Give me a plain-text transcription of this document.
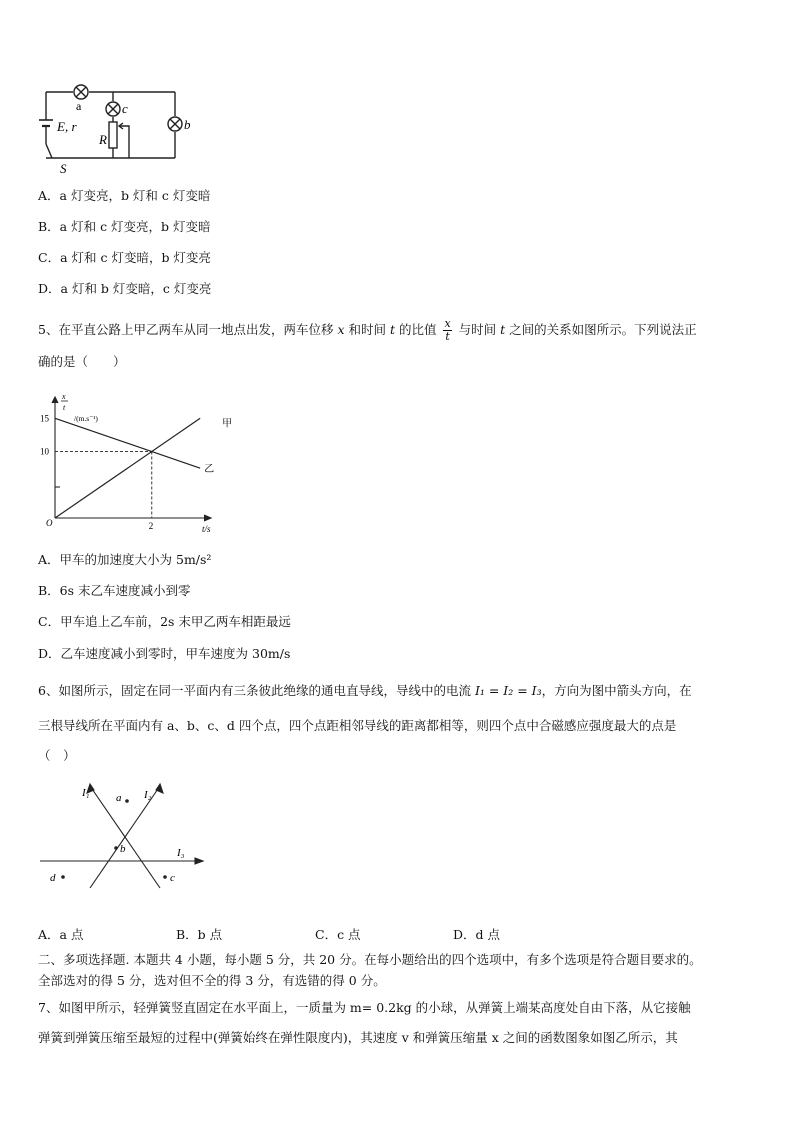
a	c
b
E, r
R
S
A．a 灯变亮，b 灯和 c 灯变暗
B．a 灯和 c 灯变亮，b 灯变暗
C．a 灯和 c 灯变暗，b 灯变亮
D．a 灯和 b 灯变暗，c 灯变亮
5、在平直公路上甲乙两车从同一地点出发，两车位移 x 和时间 t 的比值 $\frac{x}{t}$ 与时间 t 之间的关系如图所示。下列说法正
确的是（　　）
甲
乙
15
10
2
x
t
/(m.s⁻¹)
t/s
O
A．甲车的加速度大小为 5m/s²
B．6s 末乙车速度减小到零
C．甲车追上乙车前，2s 末甲乙两车相距最远
D．乙车速度减小到零时，甲车速度为 30m/s
6、如图所示，固定在同一平面内有三条彼此绝缘的通电直导线，导线中的电流 I₁ = I₂ = I₃，方向为图中箭头方向，在
三根导线所在平面内有 a、b、c、d 四个点，四个点距相邻导线的距离都相等，则四个点中合磁感应强度最大的点是
（　）
I₁	I₂
I₃
a
b
c
d
A．a 点	B．b 点	C．c 点	D．d 点
二、多项选择题. 本题共 4 小题，每小题 5 分，共 20 分。在每小题给出的四个选项中，有多个选项是符合题目要求的。
全部选对的得 5 分，选对但不全的得 3 分，有选错的得 0 分。
7、如图甲所示，轻弹簧竖直固定在水平面上，一质量为 m= 0.2kg 的小球，从弹簧上端某高度处自由下落，从它接触
弹簧到弹簧压缩至最短的过程中(弹簧始终在弹性限度内)，其速度 v 和弹簧压缩量 x 之间的函数图象如图乙所示，其
